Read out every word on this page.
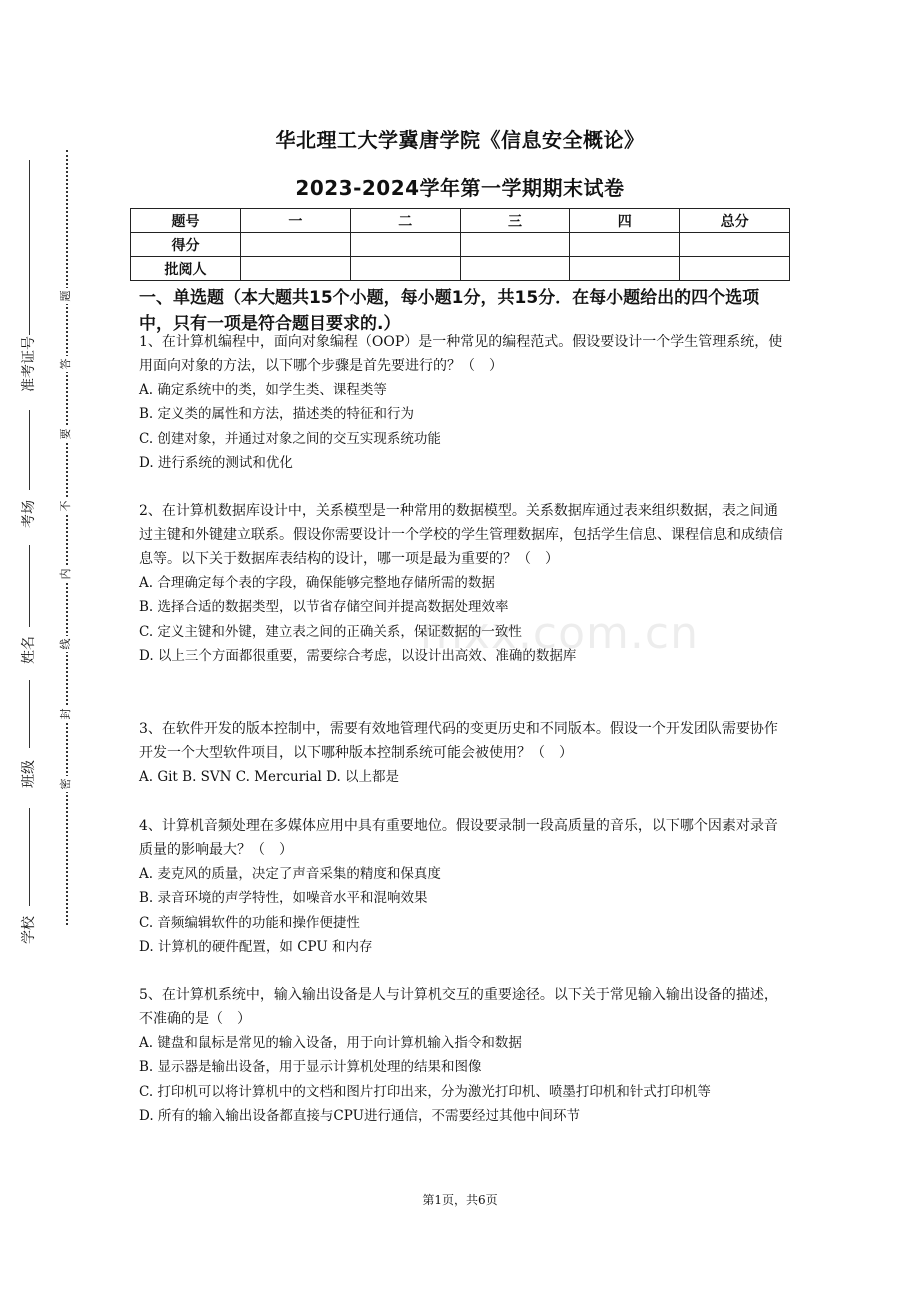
mxx.com.cn
准考证号
考场
姓名
班级
学校
题
答
要
不
内
线
封
密
华北理工大学冀唐学院《信息安全概论》
2023-2024学年第一学期期末试卷
题号	一	二	三	四	总分
得分					
批阅人					
一、单选题（本大题共15个小题，每小题1分，共15分．在每小题给出的四个选项中，只有一项是符合题目要求的.）

1、在计算机编程中，面向对象编程（OOP）是一种常见的编程范式。假设要设计一个学生管理系统，使用面向对象的方法，以下哪个步骤是首先要进行的？（　）

A. 确定系统中的类，如学生类、课程类等

B. 定义类的属性和方法，描述类的特征和行为

C. 创建对象，并通过对象之间的交互实现系统功能

D. 进行系统的测试和优化

2、在计算机数据库设计中，关系模型是一种常用的数据模型。关系数据库通过表来组织数据，表之间通过主键和外键建立联系。假设你需要设计一个学校的学生管理数据库，包括学生信息、课程信息和成绩信息等。以下关于数据库表结构的设计，哪一项是最为重要的？（　）

A. 合理确定每个表的字段，确保能够完整地存储所需的数据

B. 选择合适的数据类型，以节省存储空间并提高数据处理效率

C. 定义主键和外键，建立表之间的正确关系，保证数据的一致性

D. 以上三个方面都很重要，需要综合考虑，以设计出高效、准确的数据库

3、在软件开发的版本控制中，需要有效地管理代码的变更历史和不同版本。假设一个开发团队需要协作开发一个大型软件项目，以下哪种版本控制系统可能会被使用？（　）

A. Git B. SVN C. Mercurial D. 以上都是

4、计算机音频处理在多媒体应用中具有重要地位。假设要录制一段高质量的音乐，以下哪个因素对录音质量的影响最大？（　）

A. 麦克风的质量，决定了声音采集的精度和保真度

B. 录音环境的声学特性，如噪音水平和混响效果

C. 音频编辑软件的功能和操作便捷性

D. 计算机的硬件配置，如 CPU 和内存

5、在计算机系统中，输入输出设备是人与计算机交互的重要途径。以下关于常见输入输出设备的描述，不准确的是（　）

A. 键盘和鼠标是常见的输入设备，用于向计算机输入指令和数据

B. 显示器是输出设备，用于显示计算机处理的结果和图像

C. 打印机可以将计算机中的文档和图片打印出来，分为激光打印机、喷墨打印机和针式打印机等

D. 所有的输入输出设备都直接与CPU进行通信，不需要经过其他中间环节

第1页，共6页
